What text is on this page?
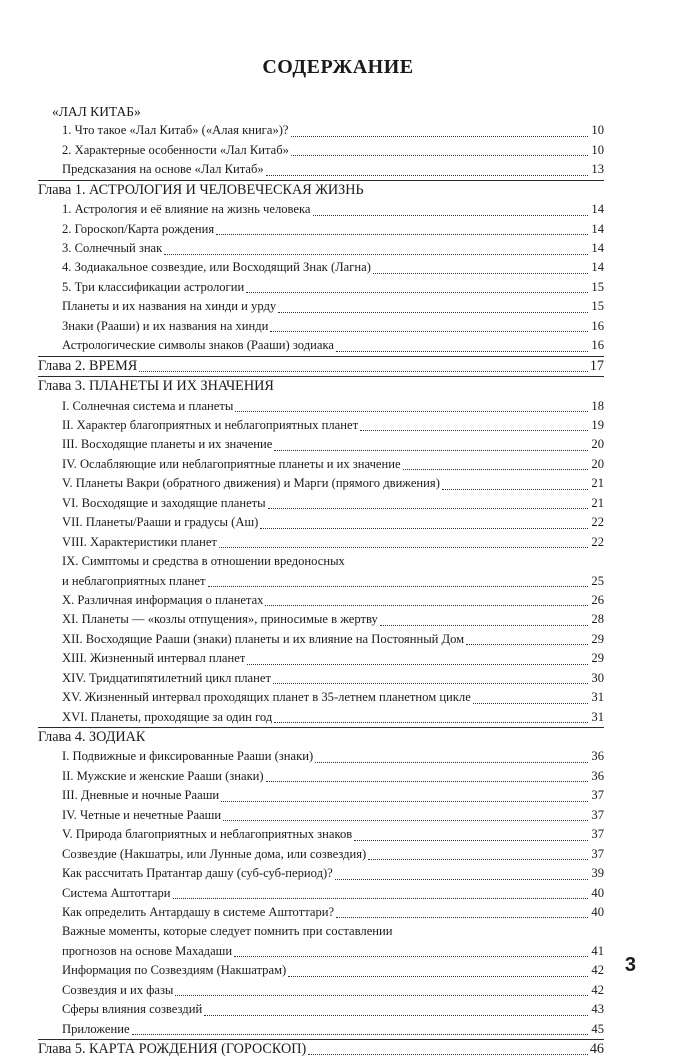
СОДЕРЖАНИЕ
«ЛАЛ КИТАБ»
1. Что такое «Лал Китаб» («Алая книга»)?	10
2. Характерные особенности «Лал Китаб»	10
Предсказания на основе «Лал Китаб»	13
Глава 1. АСТРОЛОГИЯ И ЧЕЛОВЕЧЕСКАЯ ЖИЗНЬ
1. Астрология и её влияние на жизнь человека	14
2. Гороскоп/Карта рождения	14
3. Солнечный знак	14
4. Зодиакальное созвездие, или Восходящий Знак (Лагна)	14
5. Три классификации астрологии	15
Планеты и их названия на хинди и урду	15
Знаки (Рааши) и их названия на хинди	16
Астрологические символы знаков (Рааши) зодиака	16
Глава 2. ВРЕМЯ	17
Глава 3. ПЛАНЕТЫ И ИХ ЗНАЧЕНИЯ
I. Солнечная система и планеты	18
II. Характер благоприятных и неблагоприятных планет	19
III. Восходящие планеты и их значение	20
IV. Ослабляющие или неблагоприятные планеты и их значение	20
V. Планеты Вакри (обратного движения) и Марги (прямого движения)	21
VI. Восходящие и заходящие планеты	21
VII. Планеты/Рааши и градусы (Аш)	22
VIII. Характеристики планет	22
IX. Симптомы и средства в отношении вредоносных
и неблагоприятных планет	25
X. Различная информация о планетах	26
XI. Планеты — «козлы отпущения», приносимые в жертву	28
XII. Восходящие Рааши (знаки) планеты и их влияние на Постоянный Дом	29
XIII. Жизненный интервал планет	29
XIV. Тридцатипятилетний цикл планет	30
XV. Жизненный интервал проходящих планет в 35-летнем планетном цикле	31
XVI. Планеты, проходящие за один год	31
Глава 4. ЗОДИАК
I. Подвижные и фиксированные Рааши (знаки)	36
II. Мужские и женские Рааши (знаки)	36
III. Дневные и ночные Рааши	37
IV. Четные и нечетные Рааши	37
V. Природа благоприятных и неблагоприятных знаков	37
Созвездие (Накшатры, или Лунные дома, или созвездия)	37
Как рассчитать Пратантар дашу (суб-суб-период)?	39
Система Аштоттари	40
Как определить Антардашу в системе Аштоттари?	40
Важные моменты, которые следует помнить при составлении
прогнозов на основе Махадаши	41
Информация по Созвездиям (Накшатрам)	42
Созвездия и их фазы	42
Сферы влияния созвездий	43
Приложение	45
Глава 5. КАРТА РОЖДЕНИЯ (ГОРОСКОП)	46
3
